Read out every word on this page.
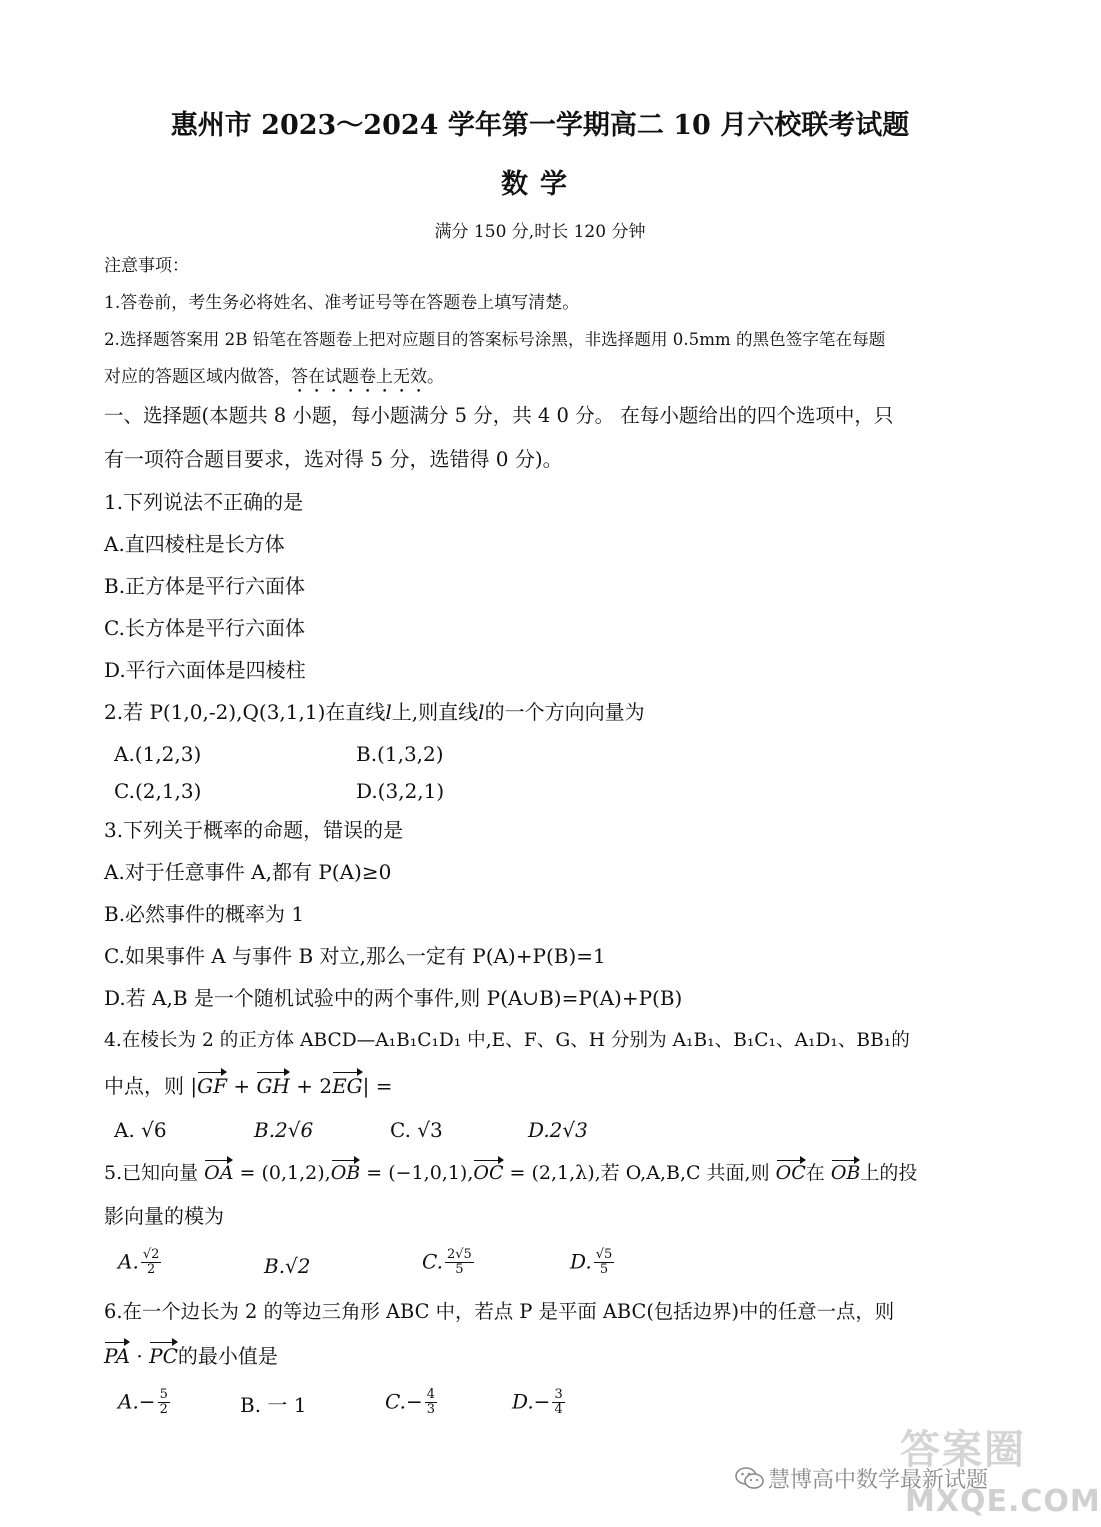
惠州市 2023～2024 学年第一学期高二 10 月六校联考试题
数学
满分 150 分,时长 120 分钟
注意事项：
1.答卷前，考生务必将姓名、准考证号等在答题卷上填写清楚。
2.选择题答案用 2B 铅笔在答题卷上把对应题目的答案标号涂黑，非选择题用 0.5mm 的黑色签字笔在每题
对应的答题区域内做答，答在试题卷上无效。
一、选择题(本题共 8 小题，每小题满分 5 分，共 4 0 分。 在每小题给出的四个选项中，只
有一项符合题目要求，选对得 5 分，选错得 0 分)。
1.下列说法不正确的是
A.直四棱柱是长方体
B.正方体是平行六面体
C.长方体是平行六面体
D.平行六面体是四棱柱
2.若 P(1,0,-2),Q(3,1,1)在直线l上,则直线l的一个方向向量为
A.(1,2,3)	B.(1,3,2)
C.(2,1,3)	D.(3,2,1)
3.下列关于概率的命题，错误的是
A.对于任意事件 A,都有 P(A)≥0
B.必然事件的概率为 1
C.如果事件 A 与事件 B 对立,那么一定有 P(A)+P(B)=1
D.若 A,B 是一个随机试验中的两个事件,则 P(A∪B)=P(A)+P(B)
4.在棱长为 2 的正方体 ABCD—A₁B₁C₁D₁ 中,E、F、G、H 分别为 A₁B₁、B₁C₁、A₁D₁、BB₁的
中点，则 |GF + GH + 2EG| =
A. √6	B.2√6	C. √3	D.2√3
5.已知向量 OA = (0,1,2),OB = (−1,0,1),OC = (2,1,λ),若 O,A,B,C 共面,则 OC在 OB上的投
影向量的模为
A. $\frac{√2}{2}$	B.√2	C. $\frac{2√5}{5}$	D. $\frac{√5}{5}$
6.在一个边长为 2 的等边三角形 ABC 中，若点 P 是平面 ABC(包括边界)中的任意一点，则
PA · PC的最小值是
$A.- \frac{5}{2}$	B. 一 1	$C.- \frac{4}{3}$	$D.- \frac{3}{4}$
答案圈
慧博高中数学最新试题
MXQE.COM
